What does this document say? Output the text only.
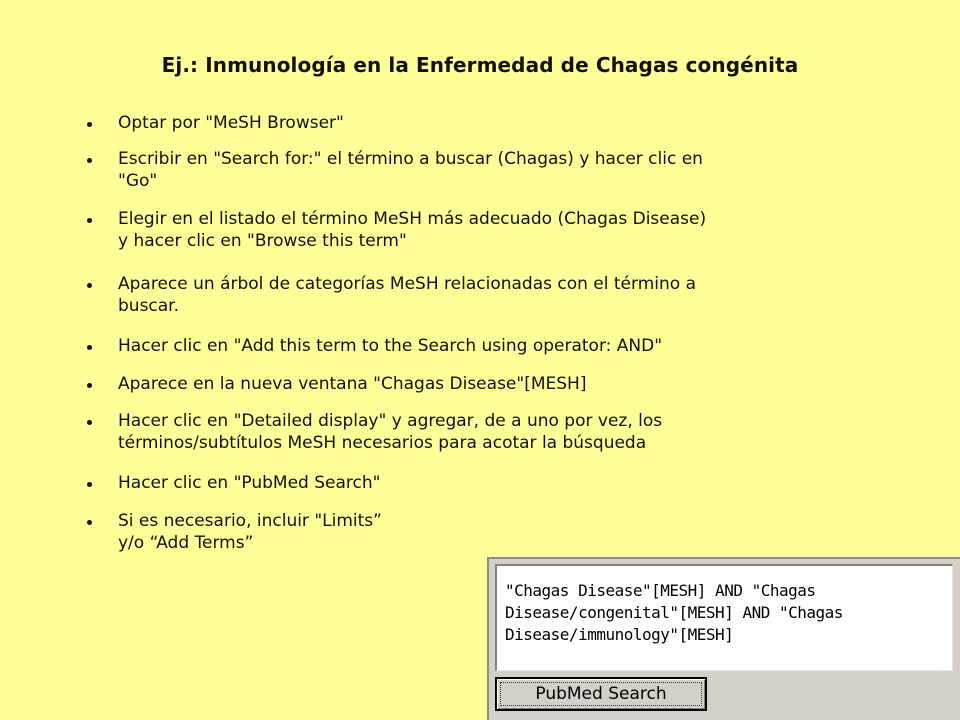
Ej.: Inmunología en la Enfermedad de Chagas congénita
Optar por "MeSH Browser"
Escribir en "Search for:" el término a buscar (Chagas) y hacer clic en
"Go"
Elegir en el listado el término MeSH más adecuado (Chagas Disease)
y hacer clic en "Browse this term"
Aparece un árbol de categorías MeSH relacionadas con el término a
buscar.
Hacer clic en "Add this term to the Search using operator: AND"
Aparece en la nueva ventana "Chagas Disease"[MESH]
Hacer clic en "Detailed display" y agregar, de a uno por vez, los
términos/subtítulos MeSH necesarios para acotar la búsqueda
Hacer clic en "PubMed Search"
Si es necesario, incluir "Limits”
y/o “Add Terms”
"Chagas Disease"[MESH] AND "Chagas
Disease/congenital"[MESH] AND "Chagas
Disease/immunology"[MESH]
PubMed Search
